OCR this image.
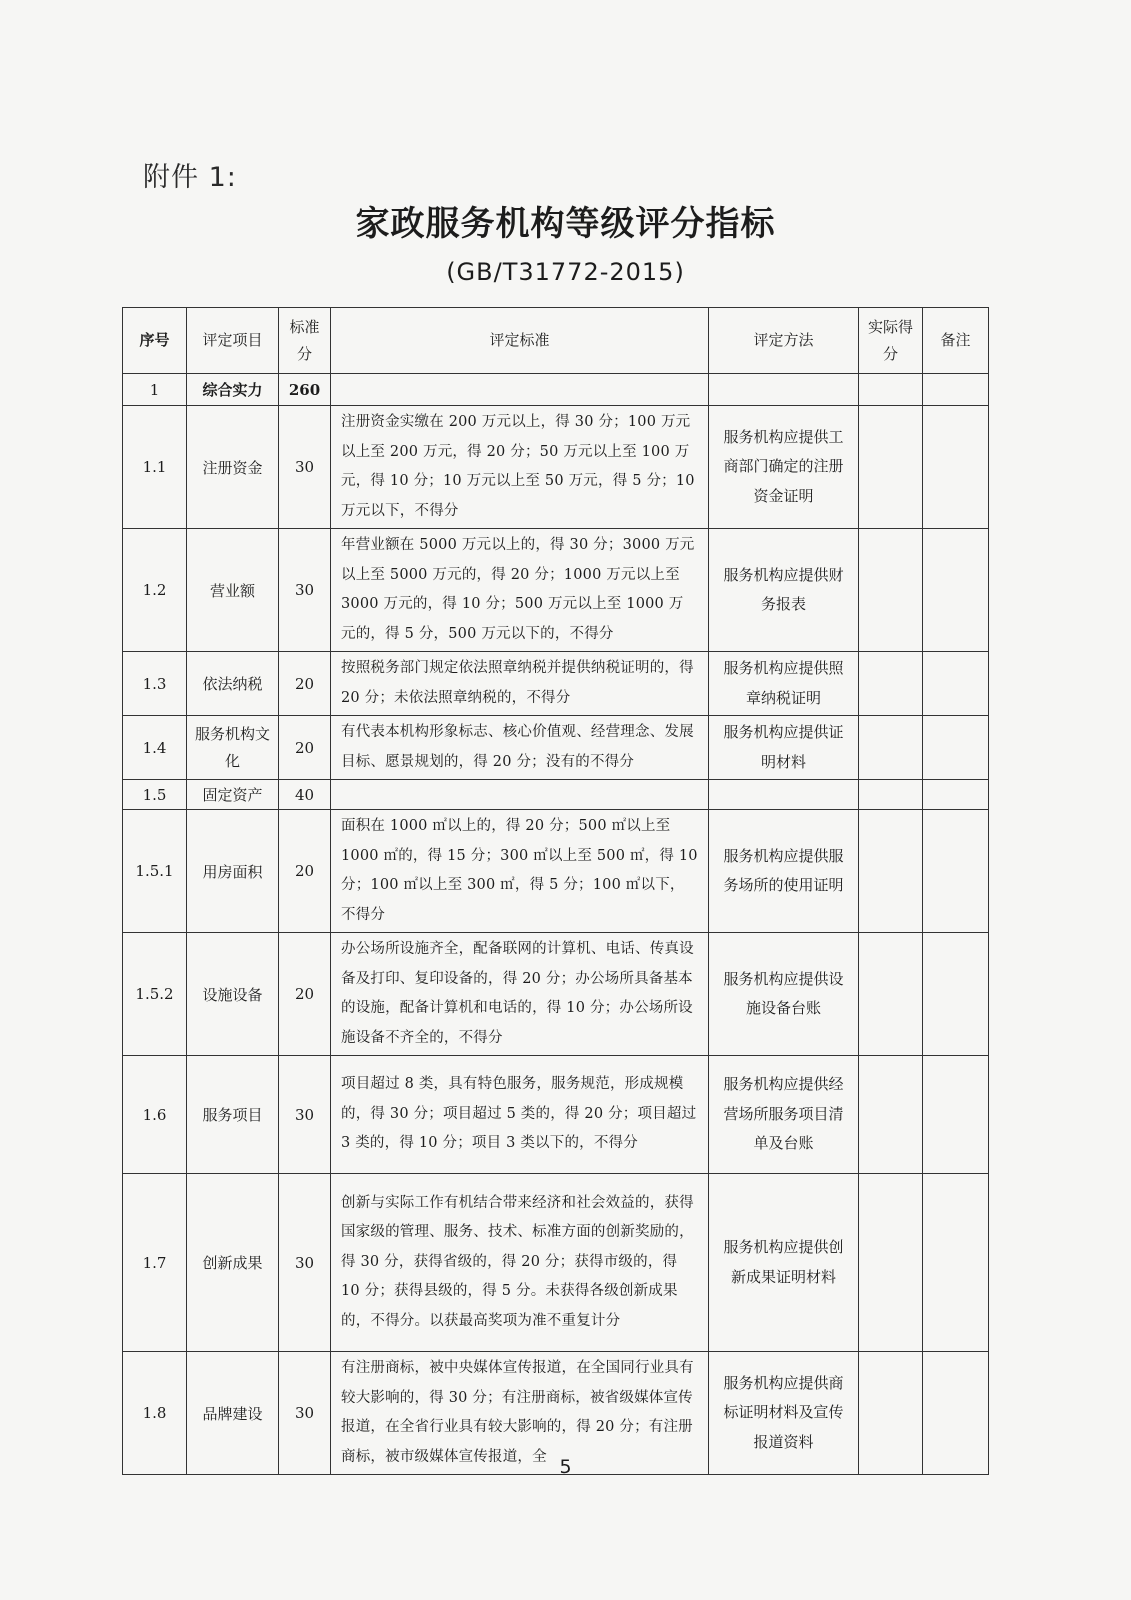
附件 1:
家政服务机构等级评分指标
(GB/T31772-2015)
序号	评定项目	标准分	评定标准	评定方法	实际得分	备注
1	综合实力	260				
1.1	注册资金	30	注册资金实缴在 200 万元以上，得 30 分；100 万元以上至 200 万元，得 20 分；50 万元以上至 100 万元，得 10 分；10 万元以上至 50 万元，得 5 分；10 万元以下，不得分	服务机构应提供工商部门确定的注册资金证明		
1.2	营业额	30	年营业额在 5000 万元以上的，得 30 分；3000 万元以上至 5000 万元的，得 20 分；1000 万元以上至 3000 万元的，得 10 分；500 万元以上至 1000 万元的，得 5 分，500 万元以下的，不得分	服务机构应提供财务报表		
1.3	依法纳税	20	按照税务部门规定依法照章纳税并提供纳税证明的，得 20 分；未依法照章纳税的，不得分	服务机构应提供照章纳税证明		
1.4	服务机构文化	20	有代表本机构形象标志、核心价值观、经营理念、发展目标、愿景规划的，得 20 分；没有的不得分	服务机构应提供证明材料		
1.5	固定资产	40				
1.5.1	用房面积	20	面积在 1000 ㎡以上的，得 20 分；500 ㎡以上至 1000 ㎡的，得 15 分；300 ㎡以上至 500 ㎡，得 10 分；100 ㎡以上至 300 ㎡，得 5 分；100 ㎡以下，不得分	服务机构应提供服务场所的使用证明		
1.5.2	设施设备	20	办公场所设施齐全，配备联网的计算机、电话、传真设备及打印、复印设备的，得 20 分；办公场所具备基本的设施，配备计算机和电话的，得 10 分；办公场所设施设备不齐全的，不得分	服务机构应提供设施设备台账		
1.6	服务项目	30	项目超过 8 类，具有特色服务，服务规范，形成规模的，得 30 分；项目超过 5 类的，得 20 分；项目超过 3 类的，得 10 分；项目 3 类以下的，不得分	服务机构应提供经营场所服务项目清单及台账		
1.7	创新成果	30	创新与实际工作有机结合带来经济和社会效益的，获得国家级的管理、服务、技术、标准方面的创新奖励的，得 30 分，获得省级的，得 20 分；获得市级的，得 10 分；获得县级的，得 5 分。未获得各级创新成果的，不得分。以获最高奖项为准不重复计分	服务机构应提供创新成果证明材料		
1.8	品牌建设	30	有注册商标，被中央媒体宣传报道，在全国同行业具有较大影响的，得 30 分；有注册商标，被省级媒体宣传报道，在全省行业具有较大影响的，得 20 分；有注册商标，被市级媒体宣传报道，全	服务机构应提供商标证明材料及宣传报道资料		
5
